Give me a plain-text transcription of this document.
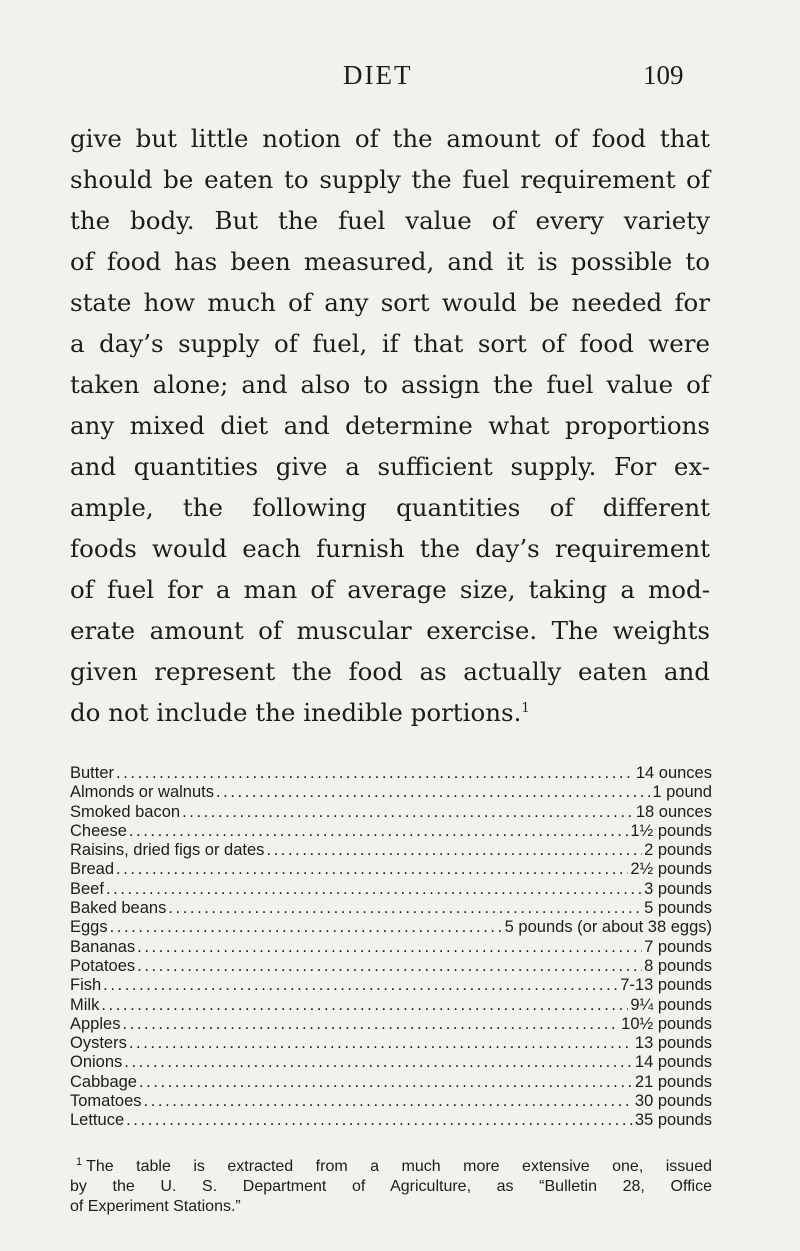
DIET	109
give but little notion of the amount of food that
should be eaten to supply the fuel requirement of
the body. But the fuel value of every variety
of food has been measured, and it is possible to
state how much of any sort would be needed for
a day’s supply of fuel, if that sort of food were
taken alone; and also to assign the fuel value of
any mixed diet and determine what proportions
and quantities give a sufficient supply. For ex-
ample, the following quantities of different
foods would each furnish the day’s requirement
of fuel for a man of average size, taking a mod-
erate amount of muscular exercise. The weights
given represent the food as actually eaten and
do not include the inedible portions.$^1$
Butter .....	14 ounces
Almonds or walnuts .....	1 pound
Smoked bacon .....	18 ounces
Cheese .....	1½ pounds
Raisins, dried figs or dates .....	2 pounds
Bread .....	2½ pounds
Beef .....	3 pounds
Baked beans .....	5 pounds
Eggs .....	5 pounds (or about 38 eggs)
Bananas .....	7 pounds
Potatoes .....	8 pounds
Fish .....	7-13 pounds
Milk .....	9¼ pounds
Apples .....	10½ pounds
Oysters .....	13 pounds
Onions .....	14 pounds
Cabbage .....	21 pounds
Tomatoes .....	30 pounds
Lettuce .....	35 pounds
$^1$ The table is extracted from a much more extensive one, issued
by the U. S. Department of Agriculture, as “Bulletin 28, Office
of Experiment Stations.”
